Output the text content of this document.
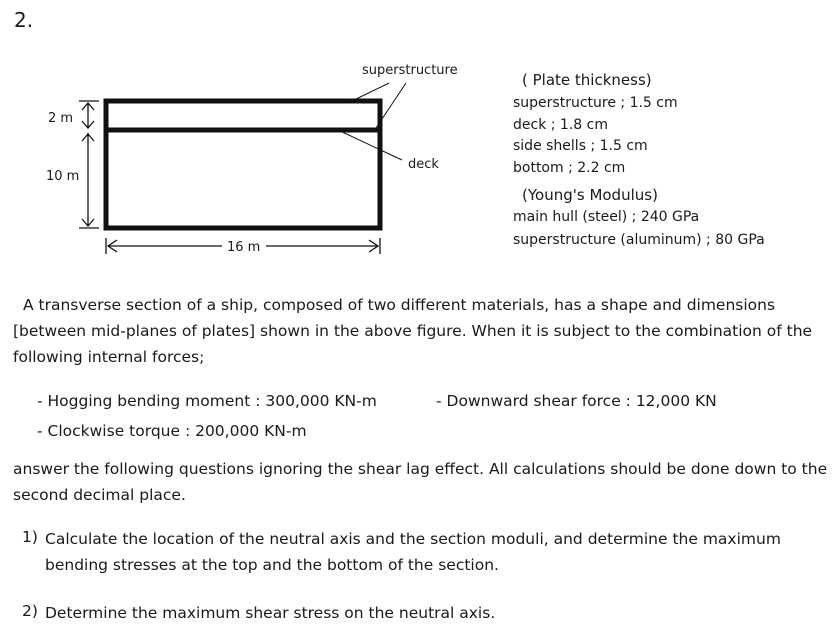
2.
2 m
10 m
16 m
superstructure
deck
( Plate thickness)
superstructure ; 1.5 cm
deck ; 1.8 cm
side shells ; 1.5 cm
bottom ; 2.2 cm
(Young's Modulus)
main hull (steel) ; 240 GPa
superstructure (aluminum) ; 80 GPa
A transverse section of a ship, composed of two different materials, has a shape and dimensions [between mid-planes of plates] shown in the above figure. When it is subject to the combination of the following internal forces;
- Hogging bending moment : 300,000 KN-m	- Downward shear force : 12,000 KN
- Clockwise torque : 200,000 KN-m
answer the following questions ignoring the shear lag effect. All calculations should be done down to the second decimal place.
1) Calculate the location of the neutral axis and the section moduli, and determine the maximum bending stresses at the top and the bottom of the section.
2) Determine the maximum shear stress on the neutral axis.
